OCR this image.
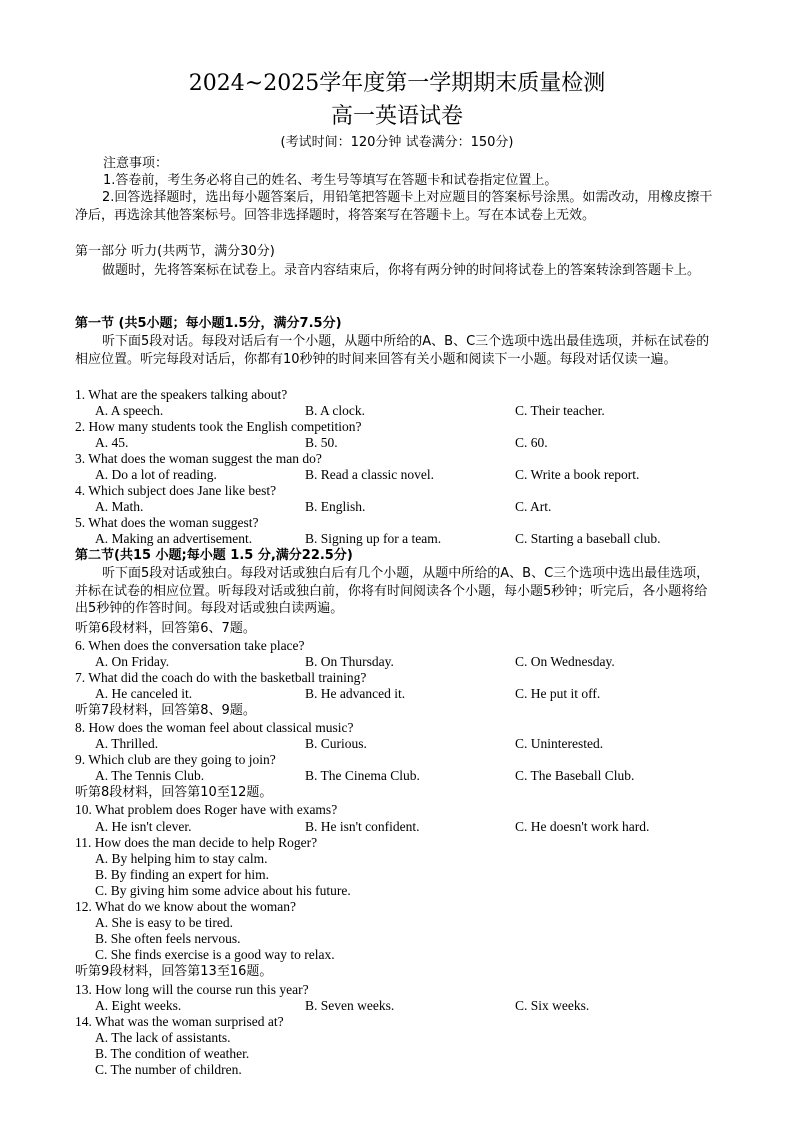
2024~2025学年度第一学期期末质量检测
高一英语试卷
(考试时间：120分钟 试卷满分：150分)
注意事项：
1.答卷前，考生务必将自己的姓名、考生号等填写在答题卡和试卷指定位置上。
2.回答选择题时，选出每小题答案后，用铅笔把答题卡上对应题目的答案标号涂黑。如需改动，用橡皮擦干净后，再选涂其他答案标号。回答非选择题时，将答案写在答题卡上。写在本试卷上无效。
第一部分 听力(共两节，满分30分)
做题时，先将答案标在试卷上。录音内容结束后，你将有两分钟的时间将试卷上的答案转涂到答题卡上。
第一节 (共5小题；每小题1.5分，满分7.5分)
听下面5段对话。每段对话后有一个小题，从题中所给的A、B、C三个选项中选出最佳选项，并标在试卷的相应位置。听完每段对话后，你都有10秒钟的时间来回答有关小题和阅读下一小题。每段对话仅读一遍。
1. What are the speakers talking about?
A. A speech.	B. A clock.	C. Their teacher.
2. How many students took the English competition?
A. 45.	B. 50.	C. 60.
3. What does the woman suggest the man do?
A. Do a lot of reading.	B. Read a classic novel.	C. Write a book report.
4. Which subject does Jane like best?
A. Math.	B. English.	C. Art.
5. What does the woman suggest?
A. Making an advertisement.	B. Signing up for a team.	C. Starting a baseball club.
第二节(共15 小题;每小题 1.5 分,满分22.5分)
听下面5段对话或独白。每段对话或独白后有几个小题，从题中所给的A、B、C三个选项中选出最佳选项，并标在试卷的相应位置。听每段对话或独白前，你将有时间阅读各个小题，每小题5秒钟；听完后，各小题将给出5秒钟的作答时间。每段对话或独白读两遍。
听第6段材料，回答第6、7题。
6. When does the conversation take place?
A. On Friday.	B. On Thursday.	C. On Wednesday.
7. What did the coach do with the basketball training?
A. He canceled it.	B. He advanced it.	C. He put it off.
听第7段材料，回答第8、9题。
8. How does the woman feel about classical music?
A. Thrilled.	B. Curious.	C. Uninterested.
9. Which club are they going to join?
A. The Tennis Club.	B. The Cinema Club.	C. The Baseball Club.
听第8段材料，回答第10至12题。
10. What problem does Roger have with exams?
A. He isn't clever.	B. He isn't confident.	C. He doesn't work hard.
11. How does the man decide to help Roger?
A. By helping him to stay calm.
B. By finding an expert for him.
C. By giving him some advice about his future.
12. What do we know about the woman?
A. She is easy to be tired.
B. She often feels nervous.
C. She finds exercise is a good way to relax.
听第9段材料，回答第13至16题。
13. How long will the course run this year?
A. Eight weeks.	B. Seven weeks.	C. Six weeks.
14. What was the woman surprised at?
A. The lack of assistants.
B. The condition of weather.
C. The number of children.
